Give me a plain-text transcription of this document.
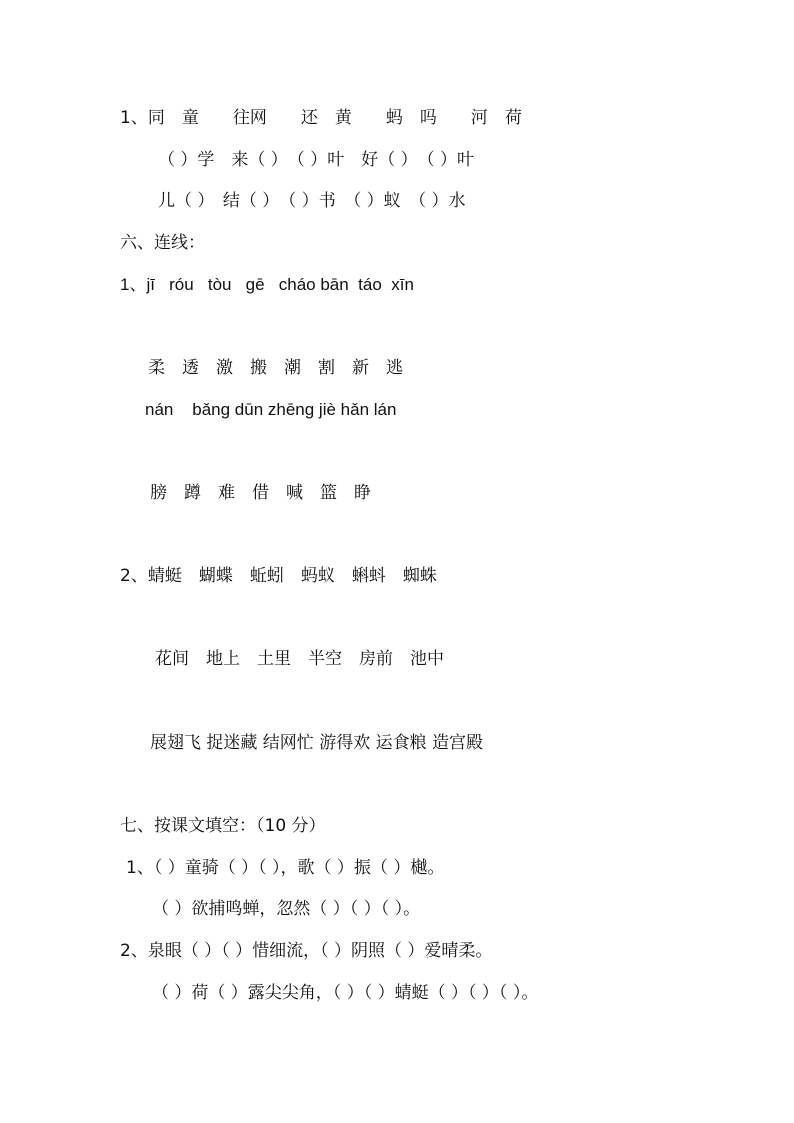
1、同　童　　往网　　还　黄　　蚂　吗　　河　荷
（ ）学　来（ ）　（ ）叶　好（ ）　（ ）叶
儿（ ）　结（ ）　（ ）书　（ ）蚁　（ ）水
六、连线：
1、jī   róu   tòu   gē   cháo bān  táo  xīn
柔　透　激　搬　潮　割　新　逃
nán    bǎng dūn zhēng jiè hǎn lán
膀　蹲　难　借　喊　篮　睁
2、蜻蜓　蝴蝶　蚯蚓　蚂蚁　蝌蚪　蜘蛛
花间　地上　土里　半空　房前　池中
展翅飞 捉迷藏 结网忙 游得欢 运食粮 造宫殿
七、按课文填空：（10 分）
1、（ ）童骑（ ）（ ），歌（ ）振（ ）樾。
（ ）欲捕鸣蝉，忽然（ ）（ ）（ ）。
2、泉眼（ ）（ ）惜细流，（ ）阴照（ ）爱晴柔。
（ ）荷（ ）露尖尖角，（ ）（ ）蜻蜓（ ）（ ）（ ）。
